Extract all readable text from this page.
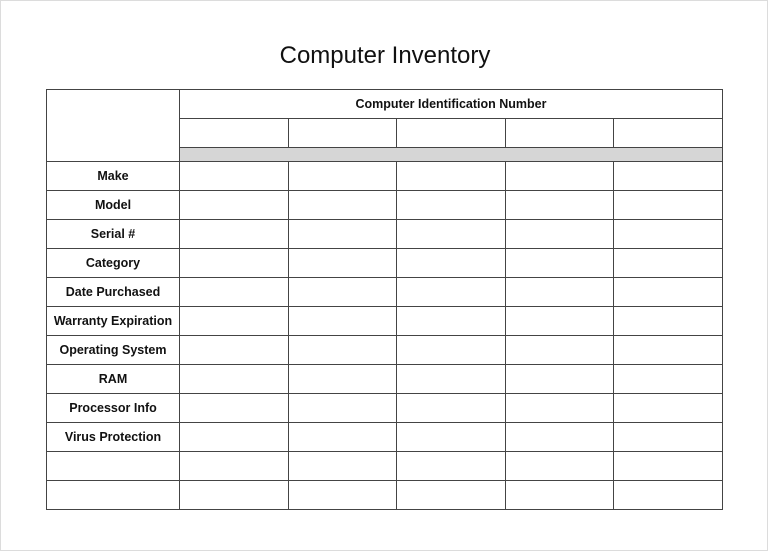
Computer Inventory
	Computer Identification Number				

Make					
Model					
Serial #					
Category					
Date Purchased					
Warranty Expiration					
Operating System					
RAM					
Processor Info					
Virus Protection					
